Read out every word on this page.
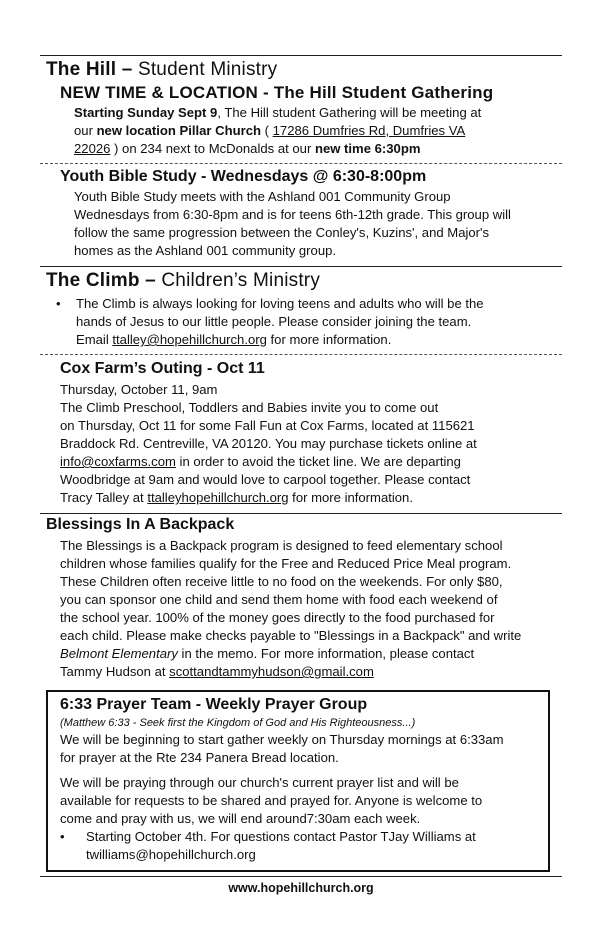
The Hill – Student Ministry
NEW TIME & LOCATION - The Hill Student Gathering
Starting Sunday Sept 9, The Hill student Gathering will be meeting at
our new location Pillar Church ( 17286 Dumfries Rd, Dumfries VA
22026 ) on 234 next to McDonalds at our new time 6:30pm
Youth Bible Study - Wednesdays @ 6:30-8:00pm
Youth Bible Study meets with the Ashland 001 Community Group
Wednesdays from 6:30-8pm and is for teens 6th-12th grade. This group will
follow the same progression between the Conley's, Kuzins', and Major's
homes as the Ashland 001 community group.
The Climb – Children’s Ministry
• The Climb is always looking for loving teens and adults who will be the
hands of Jesus to our little people. Please consider joining the team.
Email ttalley@hopehillchurch.org for more information.
Cox Farm’s Outing - Oct 11
Thursday, October 11, 9am
The Climb Preschool, Toddlers and Babies invite you to come out
on Thursday, Oct 11 for some Fall Fun at Cox Farms, located at 115621
Braddock Rd. Centreville, VA 20120. You may purchase tickets online at
info@coxfarms.com in order to avoid the ticket line. We are departing
Woodbridge at 9am and would love to carpool together. Please contact
Tracy Talley at ttalleyhopehillchurch.org for more information.
Blessings In A Backpack
The Blessings is a Backpack program is designed to feed elementary school
children whose families qualify for the Free and Reduced Price Meal program.
These Children often receive little to no food on the weekends. For only $80,
you can sponsor one child and send them home with food each weekend of
the school year. 100% of the money goes directly to the food purchased for
each child. Please make checks payable to "Blessings in a Backpack" and write
Belmont Elementary in the memo. For more information, please contact
Tammy Hudson at scottandtammyhudson@gmail.com
6:33 Prayer Team - Weekly Prayer Group
(Matthew 6:33 - Seek first the Kingdom of God and His Righteousness...)
We will be beginning to start gather weekly on Thursday mornings at 6:33am
for prayer at the Rte 234 Panera Bread location.
We will be praying through our church's current prayer list and will be
available for requests to be shared and prayed for. Anyone is welcome to
come and pray with us, we will end around7:30am each week.
• Starting October 4th. For questions contact Pastor TJay Williams at
twilliams@hopehillchurch.org
www.hopehillchurch.org
